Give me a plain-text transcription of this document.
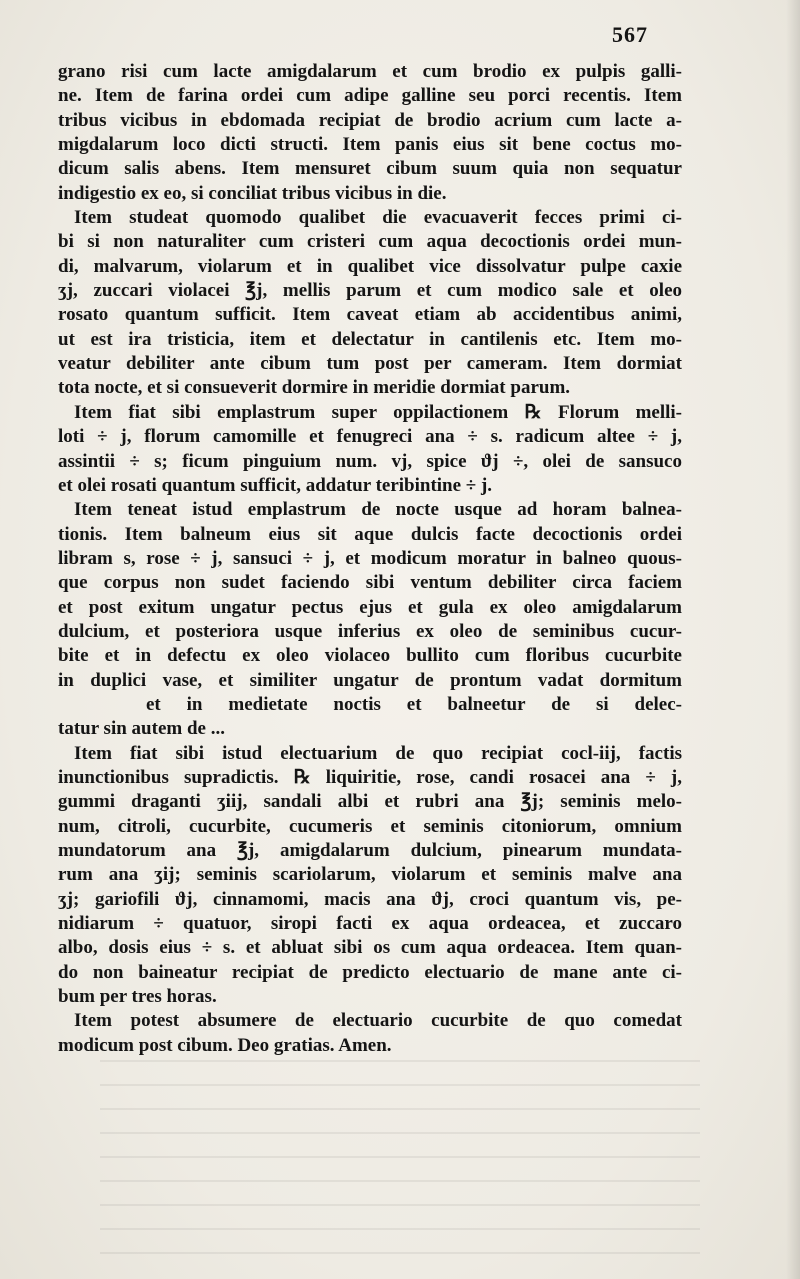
567
grano risi cum lacte amigdalarum et cum brodio ex pulpis galli-
ne. Item de farina ordei cum adipe galline seu porci recentis. Item
tribus vicibus in ebdomada recipiat de brodio acrium cum lacte a-
migdalarum loco dicti structi. Item panis eius sit bene coctus mo-
dicum salis abens. Item mensuret cibum suum quia non sequatur
indigestio ex eo, si conciliat tribus vicibus in die.
Item studeat quomodo qualibet die evacuaverit fecces primi ci-
bi si non naturaliter cum cristeri cum aqua decoctionis ordei mun-
di, malvarum, violarum et in qualibet vice dissolvatur pulpe caxie
ʒj, zuccari violacei ℥j, mellis parum et cum modico sale et oleo
rosato quantum sufficit. Item caveat etiam ab accidentibus animi,
ut est ira tristicia, item et delectatur in cantilenis etc. Item mo-
veatur debiliter ante cibum tum post per cameram. Item dormiat
tota nocte, et si consueverit dormire in meridie dormiat parum.
Item fiat sibi emplastrum super oppilactionem ℞ Florum melli-
loti ÷ j, florum camomille et fenugreci ana ÷ s. radicum altee ÷ j,
assintii ÷ s; ficum pinguium num. vj, spice ϑj ÷, olei de sansuco
et olei rosati quantum sufficit, addatur teribintine ÷ j.
Item teneat istud emplastrum de nocte usque ad horam balnea-
tionis. Item balneum eius sit aque dulcis facte decoctionis ordei
libram s, rose ÷ j, sansuci ÷ j, et modicum moratur in balneo quous-
que corpus non sudet faciendo sibi ventum debiliter circa faciem
et post exitum ungatur pectus ejus et gula ex oleo amigdalarum
dulcium, et posteriora usque inferius ex oleo de seminibus cucur-
bite et in defectu ex oleo violaceo bullito cum floribus cucurbite
in duplici vase, et similiter ungatur de prontum vadat dormitum
et in medietate noctis et balneetur de si delec-
tatur sin autem de ...
Item fiat sibi istud electuarium de quo recipiat cocl-iij, factis
inunctionibus supradictis. ℞ liquiritie, rose, candi rosacei ana ÷ j,
gummi draganti ʒiij, sandali albi et rubri ana ℥j; seminis melo-
num, citroli, cucurbite, cucumeris et seminis citoniorum, omnium
mundatorum ana ℥j, amigdalarum dulcium, pinearum mundata-
rum ana ʒij; seminis scariolarum, violarum et seminis malve ana
ʒj; gariofili ϑj, cinnamomi, macis ana ϑj, croci quantum vis, pe-
nidiarum ÷ quatuor, siropi facti ex aqua ordeacea, et zuccaro
albo, dosis eius ÷ s. et abluat sibi os cum aqua ordeacea. Item quan-
do non baineatur recipiat de predicto electuario de mane ante ci-
bum per tres horas.
Item potest absumere de electuario cucurbite de quo comedat
modicum post cibum. Deo gratias. Amen.
